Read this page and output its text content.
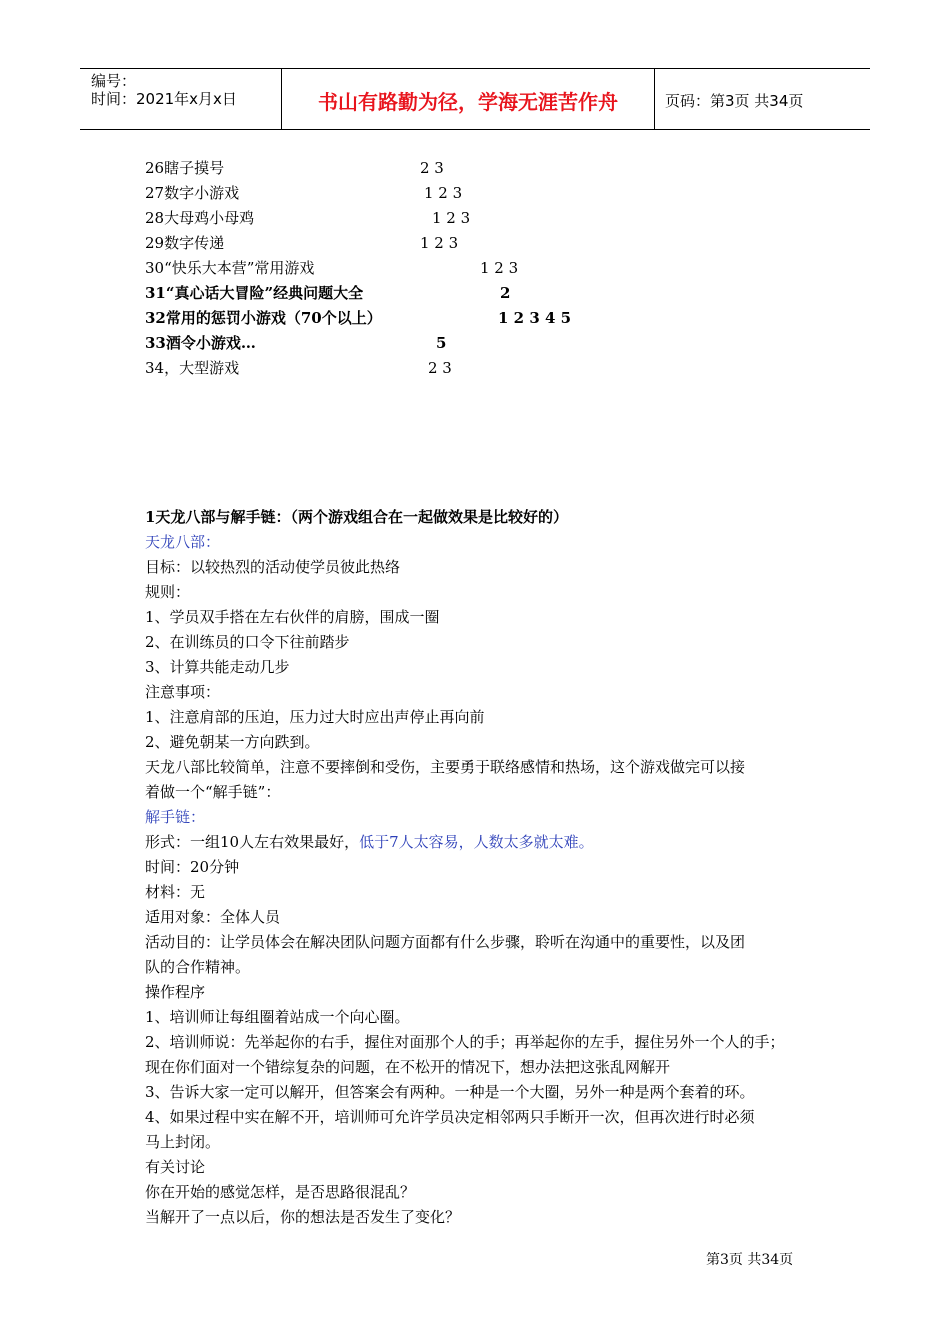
编号：
时间：2021年x月x日	书山有路勤为径，学海无涯苦作舟	页码：第3页 共34页
26瞎子摸号	2 3
27数字小游戏	1 2 3
28大母鸡小母鸡	1 2 3
29数字传递	1 2 3
30“快乐大本营”常用游戏	1 2 3
31“真心话大冒险”经典问题大全	2
32常用的惩罚小游戏（70个以上）	1 2 3 4 5
33酒令小游戏…	5
34，大型游戏	2 3
1天龙八部与解手链：（两个游戏组合在一起做效果是比较好的）
天龙八部：
目标：以较热烈的活动使学员彼此热络
规则：
1、学员双手搭在左右伙伴的肩膀，围成一圈
2、在训练员的口令下往前踏步
3、计算共能走动几步
注意事项：
1、注意肩部的压迫，压力过大时应出声停止再向前
2、避免朝某一方向跌到。
天龙八部比较简单，注意不要摔倒和受伤，主要勇于联络感情和热场，这个游戏做完可以接
着做一个“解手链”：
解手链：
形式：一组10人左右效果最好，低于7人太容易，人数太多就太难。
时间：20分钟
材料：无
适用对象：全体人员
活动目的：让学员体会在解决团队问题方面都有什么步骤，聆听在沟通中的重要性，以及团
队的合作精神。
操作程序
1、培训师让每组圈着站成一个向心圈。
2、培训师说：先举起你的右手，握住对面那个人的手；再举起你的左手，握住另外一个人的手；
现在你们面对一个错综复杂的问题，在不松开的情况下，想办法把这张乱网解开
3、告诉大家一定可以解开，但答案会有两种。一种是一个大圈，另外一种是两个套着的环。
4、如果过程中实在解不开，培训师可允许学员决定相邻两只手断开一次，但再次进行时必须
马上封闭。
有关讨论
你在开始的感觉怎样，是否思路很混乱？
当解开了一点以后，你的想法是否发生了变化？
第3页 共34页
